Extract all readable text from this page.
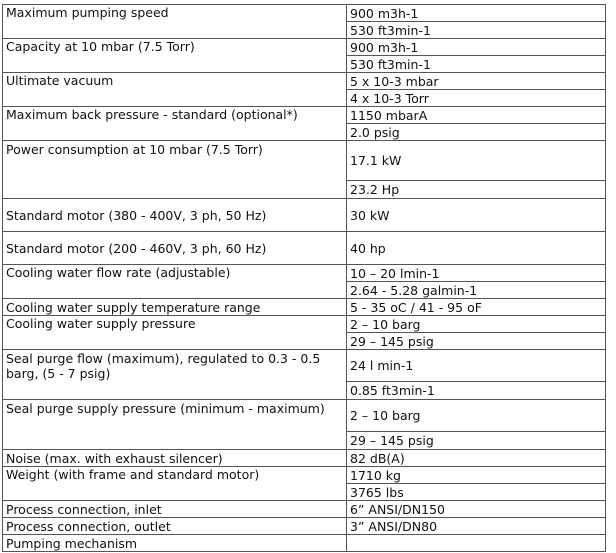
Maximum pumping speed	900 m3h-1
	530 ft3min-1
Capacity at 10 mbar (7.5 Torr)	900 m3h-1
	530 ft3min-1
Ultimate vacuum	5 x 10-3 mbar
	4 x 10-3 Torr
Maximum back pressure - standard (optional*)	1150 mbarA
	2.0 psig
Power consumption at 10 mbar (7.5 Torr)	17.1 kW
	23.2 Hp
Standard motor (380 - 400V, 3 ph, 50 Hz)	30 kW
Standard motor (200 - 460V, 3 ph, 60 Hz)	40 hp
Cooling water flow rate (adjustable)	10 – 20 lmin-1
	2.64 - 5.28 galmin-1
Cooling water supply temperature range	5 - 35 oC / 41 - 95 oF
Cooling water supply pressure	2 – 10 barg
	29 – 145 psig
Seal purge flow (maximum), regulated to 0.3 - 0.5 barg, (5 - 7 psig)	24 l min-1
	0.85 ft3min-1
Seal purge supply pressure (minimum - maximum)	2 – 10 barg
	29 – 145 psig
Noise (max. with exhaust silencer)	82 dB(A)
Weight (with frame and standard motor)	1710 kg
	3765 lbs
Process connection, inlet	6” ANSI/DN150
Process connection, outlet	3” ANSI/DN80
Pumping mechanism	
